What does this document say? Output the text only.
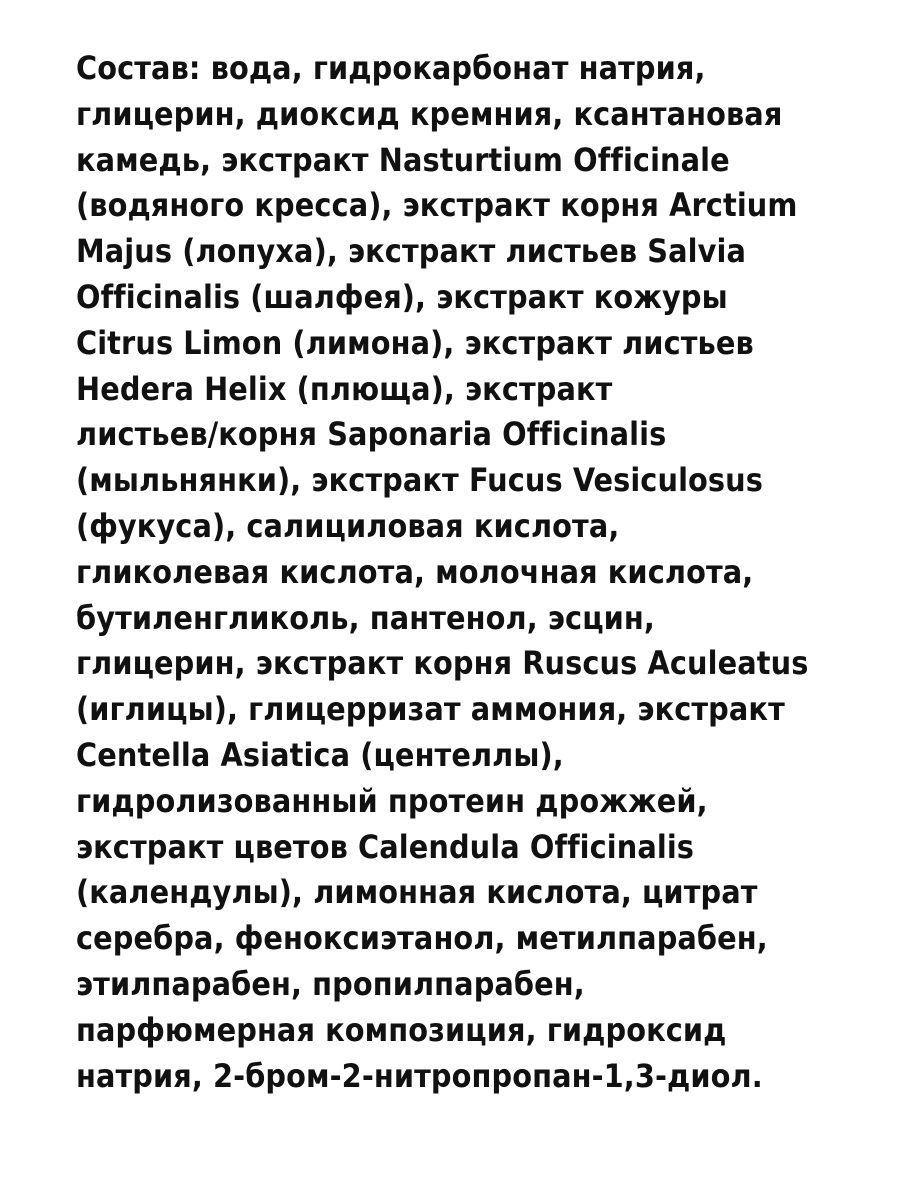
Состав: вода, гидрокарбонат натрия,
глицерин, диоксид кремния, ксантановая
камедь, экстракт Nasturtium Officinale
(водяного кресса), экстракт корня Arctium
Majus (лопуха), экстракт листьев Salvia
Officinalis (шалфея), экстракт кожуры
Citrus Limon (лимона), экстракт листьев
Hedera Helix (плюща), экстракт
листьев/корня Saponaria Officinalis
(мыльнянки), экстракт Fucus Vesiculosus
(фукуса), салициловая кислота,
гликолевая кислота, молочная кислота,
бутиленгликоль, пантенол, эсцин,
глицерин, экстракт корня Ruscus Aculeatus
(иглицы), глицерризат аммония, экстракт
Centella Asiatica (центеллы),
гидролизованный протеин дрожжей,
экстракт цветов Calendula Officinalis
(календулы), лимонная кислота, цитрат
серебра, феноксиэтанол, метилпарабен,
этилпарабен, пропилпарабен,
парфюмерная композиция, гидроксид
натрия, 2-бром-2-нитропропан-1,3-диол.
